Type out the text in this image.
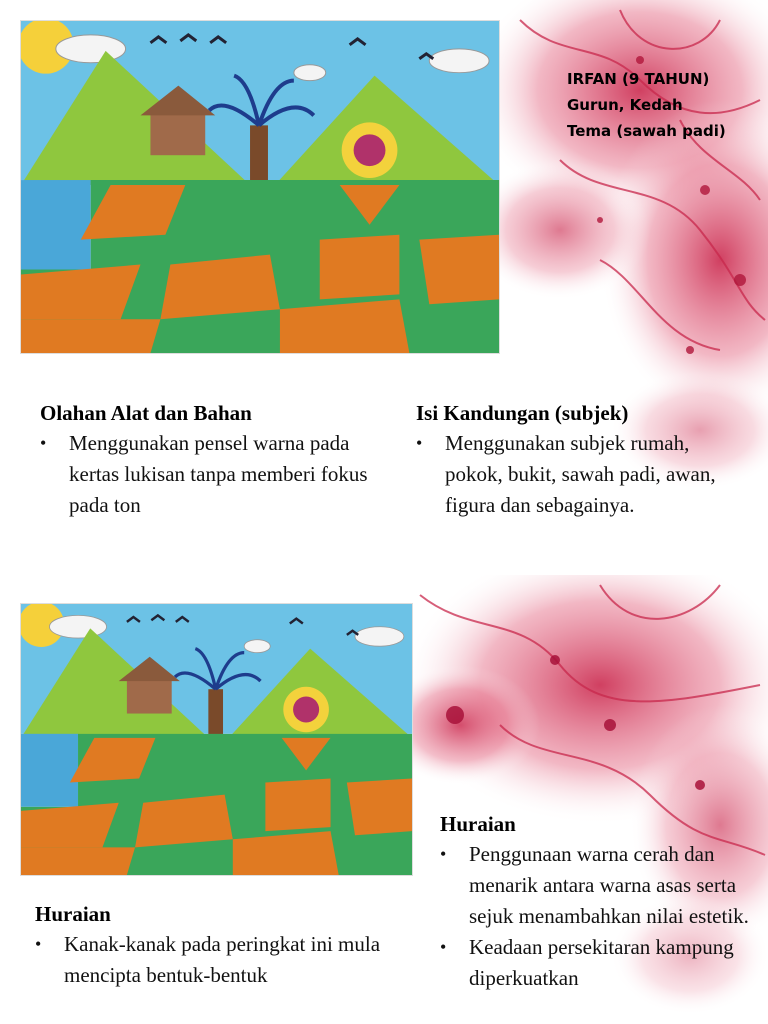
IRFAN (9 TAHUN)
Gurun, Kedah
Tema (sawah padi)
Olahan Alat dan Bahan
• Menggunakan pensel warna pada kertas lukisan tanpa memberi fokus pada ton
Isi Kandungan (subjek)
• Menggunakan subjek rumah, pokok, bukit, sawah padi, awan, figura dan sebagainya.
Huraian
• Kanak-kanak pada peringkat ini mula mencipta bentuk-bentuk
Huraian
• Penggunaan warna cerah dan menarik antara warna asas serta sejuk menambahkan nilai estetik.
• Keadaan persekitaran kampung diperkuatkan
